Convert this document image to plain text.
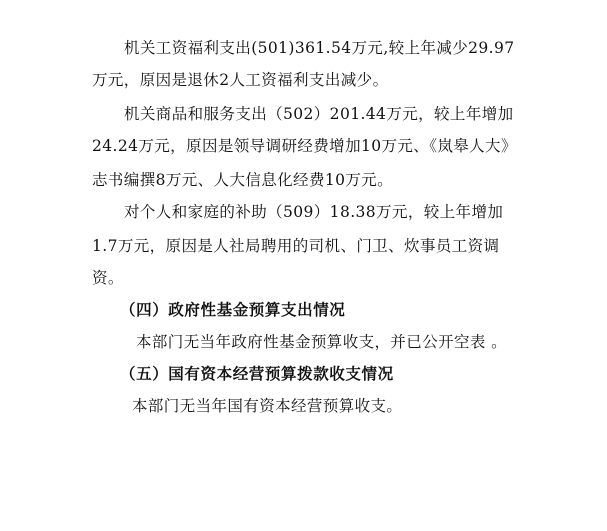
机关工资福利支出(501)361.54万元,较上年减少29.97
万元，原因是退休2人工资福利支出减少。
机关商品和服务支出（502）201.44万元，较上年增加
24.24万元，原因是领导调研经费增加10万元、《岚皋人大》
志书编撰8万元、人大信息化经费10万元。
对个人和家庭的补助（509）18.38万元，较上年增加
1.7万元，原因是人社局聘用的司机、门卫、炊事员工资调
资。
（四）政府性基金预算支出情况
本部门无当年政府性基金预算收支，并已公开空表 。
（五）国有资本经营预算拨款收支情况
本部门无当年国有资本经营预算收支。
